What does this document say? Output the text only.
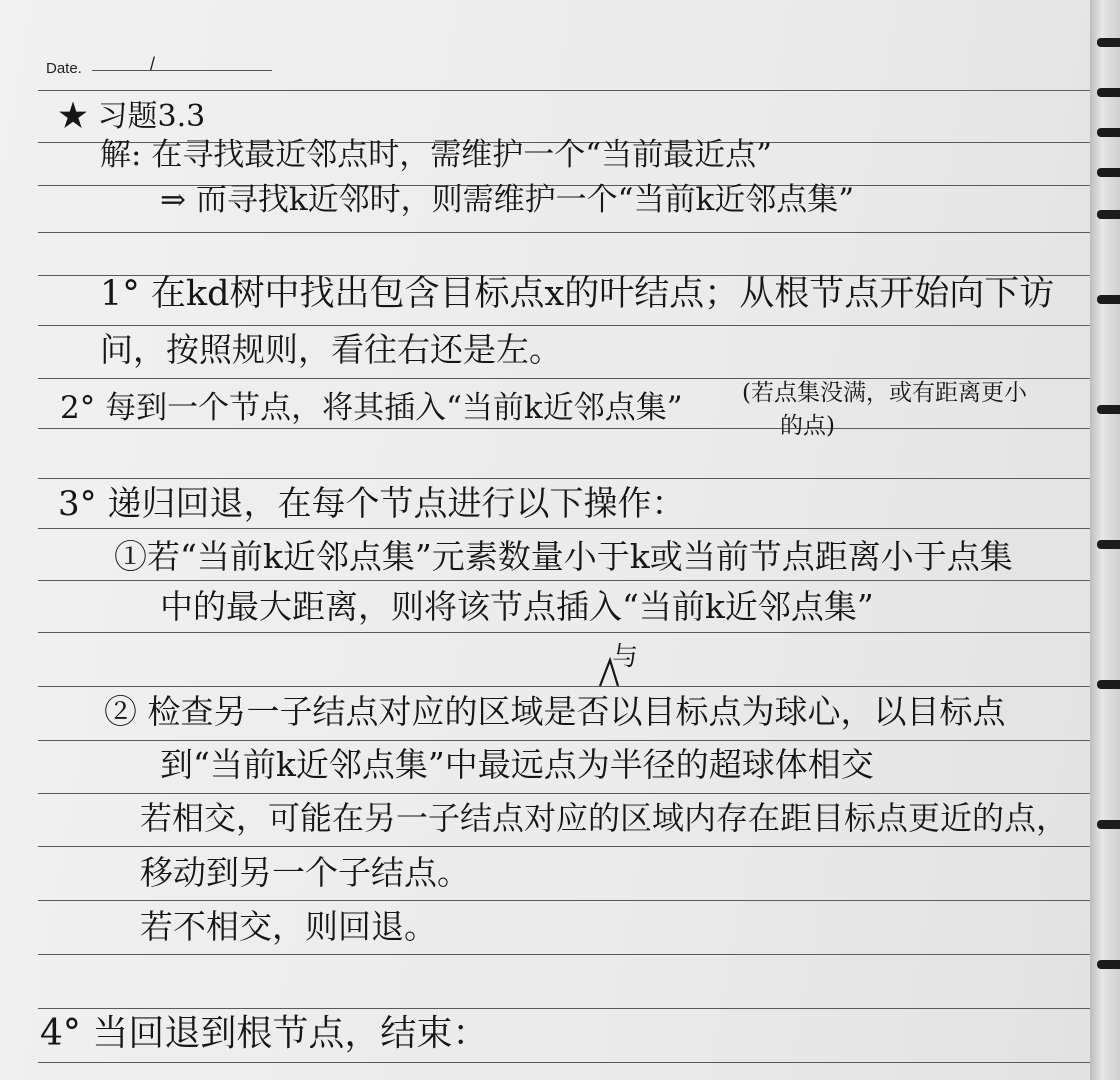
Date.	/
★ 习题3.3
解: 在寻找最近邻点时，需维护一个“当前最近点”
⇒ 而寻找k近邻时，则需维护一个“当前k近邻点集”
1° 在kd树中找出包含目标点x的叶结点；从根节点开始向下访
问，按照规则，看往右还是左。
2° 每到一个节点，将其插入“当前k近邻点集”	(若点集没满，或有距离更小
的点)
3° 递归回退，在每个节点进行以下操作：
①若“当前k近邻点集”元素数量小于k或当前节点距离小于点集
中的最大距离，则将该节点插入“当前k近邻点集”
与
② 检查另一子结点对应的区域是否以目标点为球心，以目标点
到“当前k近邻点集”中最远点为半径的超球体相交
若相交，可能在另一子结点对应的区域内存在距目标点更近的点，
移动到另一个子结点。
若不相交，则回退。
4° 当回退到根节点，结束：
